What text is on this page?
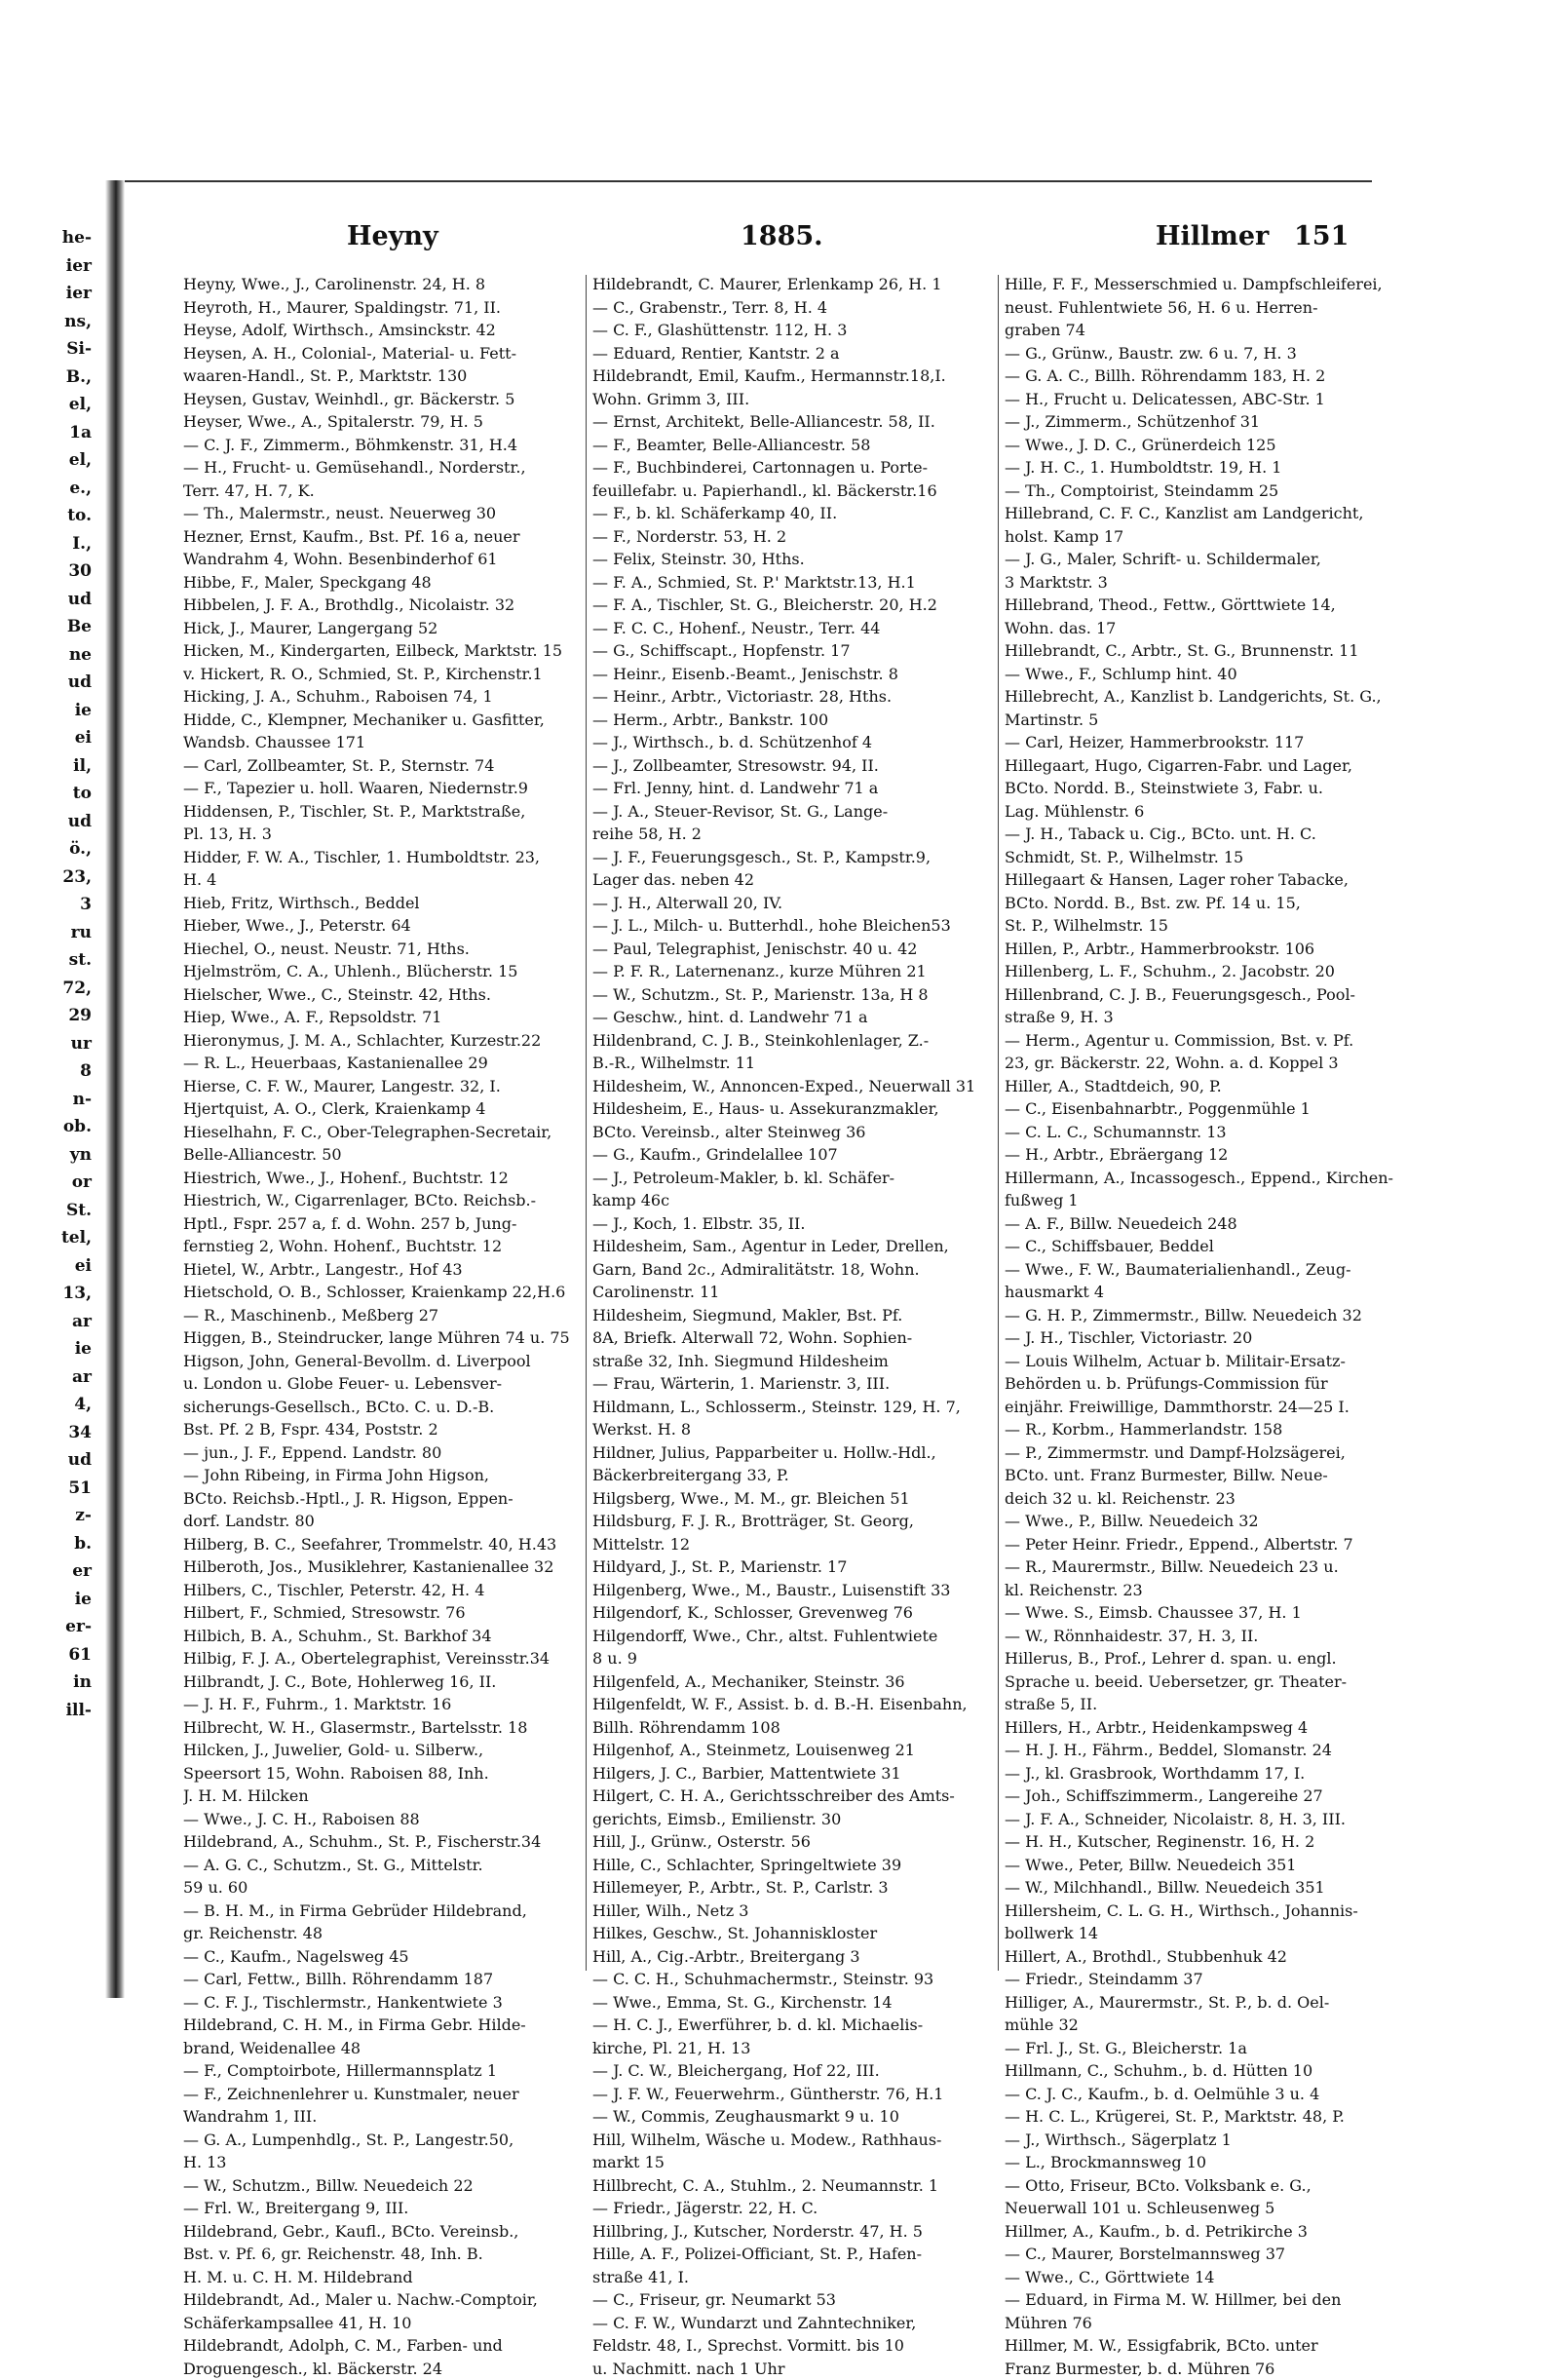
he-
ier
ier
ns,
Si-
B.,
el,
1a
el,
e.,
to.
I.,
30
ud
Be
ne
ud
ie
ei
il,
to
ud
ö.,
23,
3
ru
st.
72,
29
ur
8
n-
ob.
yn
or
St.
tel,
ei
13,
ar
ie
ar
4,
34
ud
51
z-
b.
er
ie
er-
61
in
ill-
Heyny	1885.	Hillmer 151
Heyny, Wwe., J., Carolinenstr. 24, H. 8
Heyroth, H., Maurer, Spaldingstr. 71, II.
Heyse, Adolf, Wirthsch., Amsinckstr. 42
Heysen, A. H., Colonial-, Material- u. Fett-
waaren-Handl., St. P., Marktstr. 130
Heysen, Gustav, Weinhdl., gr. Bäckerstr. 5
Heyser, Wwe., A., Spitalerstr. 79, H. 5
— C. J. F., Zimmerm., Böhmkenstr. 31, H.4
— H., Frucht- u. Gemüsehandl., Norderstr.,
Terr. 47, H. 7, K.
— Th., Malermstr., neust. Neuerweg 30
Hezner, Ernst, Kaufm., Bst. Pf. 16 a, neuer
Wandrahm 4, Wohn. Besenbinderhof 61
Hibbe, F., Maler, Speckgang 48
Hibbelen, J. F. A., Brothdlg., Nicolaistr. 32
Hick, J., Maurer, Langergang 52
Hicken, M., Kindergarten, Eilbeck, Marktstr. 15
v. Hickert, R. O., Schmied, St. P., Kirchenstr.1
Hicking, J. A., Schuhm., Raboisen 74, 1
Hidde, C., Klempner, Mechaniker u. Gasfitter,
Wandsb. Chaussee 171
— Carl, Zollbeamter, St. P., Sternstr. 74
— F., Tapezier u. holl. Waaren, Niedernstr.9
Hiddensen, P., Tischler, St. P., Marktstraße,
Pl. 13, H. 3
Hidder, F. W. A., Tischler, 1. Humboldtstr. 23,
H. 4
Hieb, Fritz, Wirthsch., Beddel
Hieber, Wwe., J., Peterstr. 64
Hiechel, O., neust. Neustr. 71, Hths.
Hjelmström, C. A., Uhlenh., Blücherstr. 15
Hielscher, Wwe., C., Steinstr. 42, Hths.
Hiep, Wwe., A. F., Repsoldstr. 71
Hieronymus, J. M. A., Schlachter, Kurzestr.22
— R. L., Heuerbaas, Kastanienallee 29
Hierse, C. F. W., Maurer, Langestr. 32, I.
Hjertquist, A. O., Clerk, Kraienkamp 4
Hieselhahn, F. C., Ober-Telegraphen-Secretair,
Belle-Alliancestr. 50
Hiestrich, Wwe., J., Hohenf., Buchtstr. 12
Hiestrich, W., Cigarrenlager, BCto. Reichsb.-
Hptl., Fspr. 257 a, f. d. Wohn. 257 b, Jung-
fernstieg 2, Wohn. Hohenf., Buchtstr. 12
Hietel, W., Arbtr., Langestr., Hof 43
Hietschold, O. B., Schlosser, Kraienkamp 22,H.6
— R., Maschinenb., Meßberg 27
Higgen, B., Steindrucker, lange Mühren 74 u. 75
Higson, John, General-Bevollm. d. Liverpool
u. London u. Globe Feuer- u. Lebensver-
sicherungs-Gesellsch., BCto. C. u. D.-B.
Bst. Pf. 2 B, Fspr. 434, Poststr. 2
— jun., J. F., Eppend. Landstr. 80
— John Ribeing, in Firma John Higson,
BCto. Reichsb.-Hptl., J. R. Higson, Eppen-
dorf. Landstr. 80
Hilberg, B. C., Seefahrer, Trommelstr. 40, H.43
Hilberoth, Jos., Musiklehrer, Kastanienallee 32
Hilbers, C., Tischler, Peterstr. 42, H. 4
Hilbert, F., Schmied, Stresowstr. 76
Hilbich, B. A., Schuhm., St. Barkhof 34
Hilbig, F. J. A., Obertelegraphist, Vereinsstr.34
Hilbrandt, J. C., Bote, Hohlerweg 16, II.
— J. H. F., Fuhrm., 1. Marktstr. 16
Hilbrecht, W. H., Glasermstr., Bartelsstr. 18
Hilcken, J., Juwelier, Gold- u. Silberw.,
Speersort 15, Wohn. Raboisen 88, Inh.
J. H. M. Hilcken
— Wwe., J. C. H., Raboisen 88
Hildebrand, A., Schuhm., St. P., Fischerstr.34
— A. G. C., Schutzm., St. G., Mittelstr.
59 u. 60
— B. H. M., in Firma Gebrüder Hildebrand,
gr. Reichenstr. 48
— C., Kaufm., Nagelsweg 45
— Carl, Fettw., Billh. Röhrendamm 187
— C. F. J., Tischlermstr., Hankentwiete 3
Hildebrand, C. H. M., in Firma Gebr. Hilde-
brand, Weidenallee 48
— F., Comptoirbote, Hillermannsplatz 1
— F., Zeichnenlehrer u. Kunstmaler, neuer
Wandrahm 1, III.
— G. A., Lumpenhdlg., St. P., Langestr.50,
H. 13
— W., Schutzm., Billw. Neuedeich 22
— Frl. W., Breitergang 9, III.
Hildebrand, Gebr., Kaufl., BCto. Vereinsb.,
Bst. v. Pf. 6, gr. Reichenstr. 48, Inh. B.
H. M. u. C. H. M. Hildebrand
Hildebrandt, Ad., Maler u. Nachw.-Comptoir,
Schäferkampsallee 41, H. 10
Hildebrandt, Adolph, C. M., Farben- und
Droguengesch., kl. Bäckerstr. 24
Hildebrandt, C. Maurer, Erlenkamp 26, H. 1
— C., Grabenstr., Terr. 8, H. 4
— C. F., Glashüttenstr. 112, H. 3
— Eduard, Rentier, Kantstr. 2 a
Hildebrandt, Emil, Kaufm., Hermannstr.18,I.
Wohn. Grimm 3, III.
— Ernst, Architekt, Belle-Alliancestr. 58, II.
— F., Beamter, Belle-Alliancestr. 58
— F., Buchbinderei, Cartonnagen u. Porte-
feuillefabr. u. Papierhandl., kl. Bäckerstr.16
— F., b. kl. Schäferkamp 40, II.
— F., Norderstr. 53, H. 2
— Felix, Steinstr. 30, Hths.
— F. A., Schmied, St. P.' Marktstr.13, H.1
— F. A., Tischler, St. G., Bleicherstr. 20, H.2
— F. C. C., Hohenf., Neustr., Terr. 44
— G., Schiffscapt., Hopfenstr. 17
— Heinr., Eisenb.-Beamt., Jenischstr. 8
— Heinr., Arbtr., Victoriastr. 28, Hths.
— Herm., Arbtr., Bankstr. 100
— J., Wirthsch., b. d. Schützenhof 4
— J., Zollbeamter, Stresowstr. 94, II.
— Frl. Jenny, hint. d. Landwehr 71 a
— J. A., Steuer-Revisor, St. G., Lange-
reihe 58, H. 2
— J. F., Feuerungsgesch., St. P., Kampstr.9,
Lager das. neben 42
— J. H., Alterwall 20, IV.
— J. L., Milch- u. Butterhdl., hohe Bleichen53
— Paul, Telegraphist, Jenischstr. 40 u. 42
— P. F. R., Laternenanz., kurze Mühren 21
— W., Schutzm., St. P., Marienstr. 13a, H 8
— Geschw., hint. d. Landwehr 71 a
Hildenbrand, C. J. B., Steinkohlenlager, Z.-
B.-R., Wilhelmstr. 11
Hildesheim, W., Annoncen-Exped., Neuerwall 31
Hildesheim, E., Haus- u. Assekuranzmakler,
BCto. Vereinsb., alter Steinweg 36
— G., Kaufm., Grindelallee 107
— J., Petroleum-Makler, b. kl. Schäfer-
kamp 46c
— J., Koch, 1. Elbstr. 35, II.
Hildesheim, Sam., Agentur in Leder, Drellen,
Garn, Band 2c., Admiralitätstr. 18, Wohn.
Carolinenstr. 11
Hildesheim, Siegmund, Makler, Bst. Pf.
8A, Briefk. Alterwall 72, Wohn. Sophien-
straße 32, Inh. Siegmund Hildesheim
— Frau, Wärterin, 1. Marienstr. 3, III.
Hildmann, L., Schlosserm., Steinstr. 129, H. 7,
Werkst. H. 8
Hildner, Julius, Papparbeiter u. Hollw.-Hdl.,
Bäckerbreitergang 33, P.
Hilgsberg, Wwe., M. M., gr. Bleichen 51
Hildsburg, F. J. R., Brotträger, St. Georg,
Mittelstr. 12
Hildyard, J., St. P., Marienstr. 17
Hilgenberg, Wwe., M., Baustr., Luisenstift 33
Hilgendorf, K., Schlosser, Grevenweg 76
Hilgendorff, Wwe., Chr., altst. Fuhlentwiete
8 u. 9
Hilgenfeld, A., Mechaniker, Steinstr. 36
Hilgenfeldt, W. F., Assist. b. d. B.-H. Eisenbahn,
Billh. Röhrendamm 108
Hilgenhof, A., Steinmetz, Louisenweg 21
Hilgers, J. C., Barbier, Mattentwiete 31
Hilgert, C. H. A., Gerichtsschreiber des Amts-
gerichts, Eimsb., Emilienstr. 30
Hill, J., Grünw., Osterstr. 56
Hille, C., Schlachter, Springeltwiete 39
Hillemeyer, P., Arbtr., St. P., Carlstr. 3
Hiller, Wilh., Netz 3
Hilkes, Geschw., St. Johanniskloster
Hill, A., Cig.-Arbtr., Breitergang 3
— C. C. H., Schuhmachermstr., Steinstr. 93
— Wwe., Emma, St. G., Kirchenstr. 14
— H. C. J., Ewerführer, b. d. kl. Michaelis-
kirche, Pl. 21, H. 13
— J. C. W., Bleichergang, Hof 22, III.
— J. F. W., Feuerwehrm., Güntherstr. 76, H.1
— W., Commis, Zeughausmarkt 9 u. 10
Hill, Wilhelm, Wäsche u. Modew., Rathhaus-
markt 15
Hillbrecht, C. A., Stuhlm., 2. Neumannstr. 1
— Friedr., Jägerstr. 22, H. C.
Hillbring, J., Kutscher, Norderstr. 47, H. 5
Hille, A. F., Polizei-Officiant, St. P., Hafen-
straße 41, I.
— C., Friseur, gr. Neumarkt 53
— C. F. W., Wundarzt und Zahntechniker,
Feldstr. 48, I., Sprechst. Vormitt. bis 10
u. Nachmitt. nach 1 Uhr
Hille, F. F., Messerschmied u. Dampfschleiferei,
neust. Fuhlentwiete 56, H. 6 u. Herren-
graben 74
— G., Grünw., Baustr. zw. 6 u. 7, H. 3
— G. A. C., Billh. Röhrendamm 183, H. 2
— H., Frucht u. Delicatessen, ABC-Str. 1
— J., Zimmerm., Schützenhof 31
— Wwe., J. D. C., Grünerdeich 125
— J. H. C., 1. Humboldtstr. 19, H. 1
— Th., Comptoirist, Steindamm 25
Hillebrand, C. F. C., Kanzlist am Landgericht,
holst. Kamp 17
— J. G., Maler, Schrift- u. Schildermaler,
3 Marktstr. 3
Hillebrand, Theod., Fettw., Görttwiete 14,
Wohn. das. 17
Hillebrandt, C., Arbtr., St. G., Brunnenstr. 11
— Wwe., F., Schlump hint. 40
Hillebrecht, A., Kanzlist b. Landgerichts, St. G.,
Martinstr. 5
— Carl, Heizer, Hammerbrookstr. 117
Hillegaart, Hugo, Cigarren-Fabr. und Lager,
BCto. Nordd. B., Steinstwiete 3, Fabr. u.
Lag. Mühlenstr. 6
— J. H., Taback u. Cig., BCto. unt. H. C.
Schmidt, St. P., Wilhelmstr. 15
Hillegaart & Hansen, Lager roher Tabacke,
BCto. Nordd. B., Bst. zw. Pf. 14 u. 15,
St. P., Wilhelmstr. 15
Hillen, P., Arbtr., Hammerbrookstr. 106
Hillenberg, L. F., Schuhm., 2. Jacobstr. 20
Hillenbrand, C. J. B., Feuerungsgesch., Pool-
straße 9, H. 3
— Herm., Agentur u. Commission, Bst. v. Pf.
23, gr. Bäckerstr. 22, Wohn. a. d. Koppel 3
Hiller, A., Stadtdeich, 90, P.
— C., Eisenbahnarbtr., Poggenmühle 1
— C. L. C., Schumannstr. 13
— H., Arbtr., Ebräergang 12
Hillermann, A., Incassogesch., Eppend., Kirchen-
fußweg 1
— A. F., Billw. Neuedeich 248
— C., Schiffsbauer, Beddel
— Wwe., F. W., Baumaterialienhandl., Zeug-
hausmarkt 4
— G. H. P., Zimmermstr., Billw. Neuedeich 32
— J. H., Tischler, Victoriastr. 20
— Louis Wilhelm, Actuar b. Militair-Ersatz-
Behörden u. b. Prüfungs-Commission für
einjähr. Freiwillige, Dammthorstr. 24—25 I.
— R., Korbm., Hammerlandstr. 158
— P., Zimmermstr. und Dampf-Holzsägerei,
BCto. unt. Franz Burmester, Billw. Neue-
deich 32 u. kl. Reichenstr. 23
— Wwe., P., Billw. Neuedeich 32
— Peter Heinr. Friedr., Eppend., Albertstr. 7
— R., Maurermstr., Billw. Neuedeich 23 u.
kl. Reichenstr. 23
— Wwe. S., Eimsb. Chaussee 37, H. 1
— W., Rönnhaidestr. 37, H. 3, II.
Hillerus, B., Prof., Lehrer d. span. u. engl.
Sprache u. beeid. Uebersetzer, gr. Theater-
straße 5, II.
Hillers, H., Arbtr., Heidenkampsweg 4
— H. J. H., Fährm., Beddel, Slomanstr. 24
— J., kl. Grasbrook, Worthdamm 17, I.
— Joh., Schiffszimmerm., Langereihe 27
— J. F. A., Schneider, Nicolaistr. 8, H. 3, III.
— H. H., Kutscher, Reginenstr. 16, H. 2
— Wwe., Peter, Billw. Neuedeich 351
— W., Milchhandl., Billw. Neuedeich 351
Hillersheim, C. L. G. H., Wirthsch., Johannis-
bollwerk 14
Hillert, A., Brothdl., Stubbenhuk 42
— Friedr., Steindamm 37
Hilliger, A., Maurermstr., St. P., b. d. Oel-
mühle 32
— Frl. J., St. G., Bleicherstr. 1a
Hillmann, C., Schuhm., b. d. Hütten 10
— C. J. C., Kaufm., b. d. Oelmühle 3 u. 4
— H. C. L., Krügerei, St. P., Marktstr. 48, P.
— J., Wirthsch., Sägerplatz 1
— L., Brockmannsweg 10
— Otto, Friseur, BCto. Volksbank e. G.,
Neuerwall 101 u. Schleusenweg 5
Hillmer, A., Kaufm., b. d. Petrikirche 3
— C., Maurer, Borstelmannsweg 37
— Wwe., C., Görttwiete 14
— Eduard, in Firma M. W. Hillmer, bei den
Mühren 76
Hillmer, M. W., Essigfabrik, BCto. unter
Franz Burmester, b. d. Mühren 76
